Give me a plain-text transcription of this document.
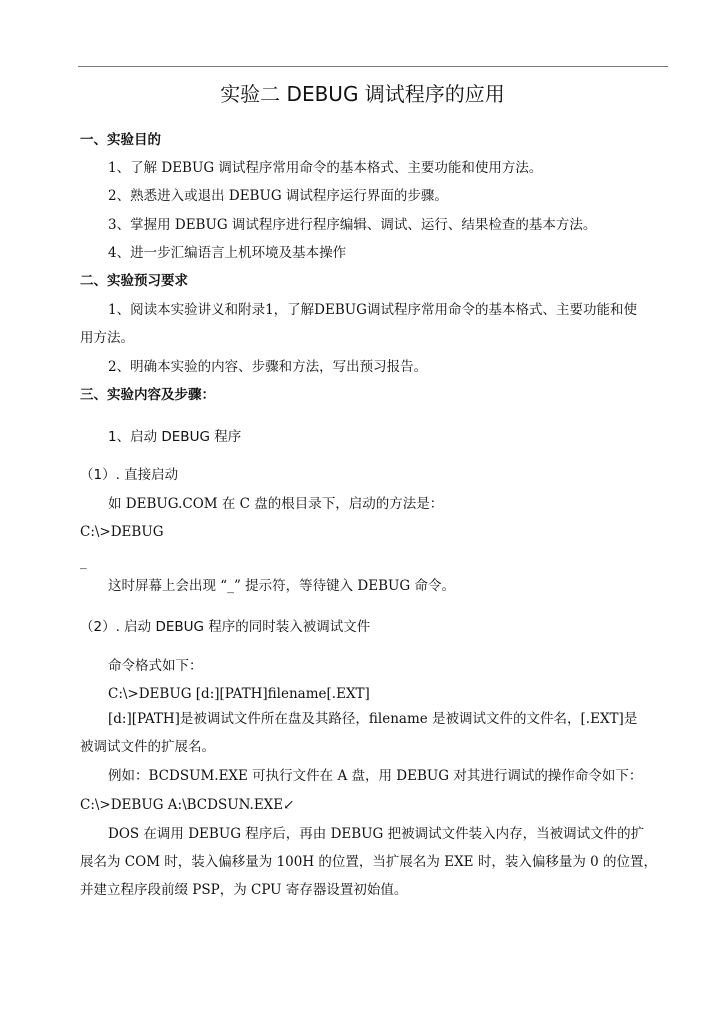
实验二 DEBUG 调试程序的应用
一、实验目的
1、了解 DEBUG 调试程序常用命令的基本格式、主要功能和使用方法。
2、熟悉进入或退出 DEBUG 调试程序运行界面的步骤。
3、掌握用 DEBUG 调试程序进行程序编辑、调试、运行、结果检查的基本方法。
4、进一步汇编语言上机环境及基本操作
二、实验预习要求
1、阅读本实验讲义和附录1，了解DEBUG调试程序常用命令的基本格式、主要功能和使
用方法。
2、明确本实验的内容、步骤和方法，写出预习报告。
三、实验内容及步骤：
1、启动 DEBUG 程序
（1）. 直接启动
如 DEBUG.COM 在 C 盘的根目录下，启动的方法是：
C:\>DEBUG
_
这时屏幕上会出现 “_” 提示符，等待键入 DEBUG 命令。
（2）. 启动 DEBUG 程序的同时装入被调试文件
命令格式如下：
C:\>DEBUG [d:][PATH]filename[.EXT]
[d:][PATH]是被调试文件所在盘及其路径，filename 是被调试文件的文件名，[.EXT]是
被调试文件的扩展名。
例如：BCDSUM.EXE 可执行文件在 A 盘，用 DEBUG 对其进行调试的操作命令如下：
C:\>DEBUG A:\BCDSUN.EXE↙
DOS 在调用 DEBUG 程序后，再由 DEBUG 把被调试文件装入内存，当被调试文件的扩
展名为 COM 时，装入偏移量为 100H 的位置，当扩展名为 EXE 时，装入偏移量为 0 的位置，
并建立程序段前缀 PSP，为 CPU 寄存器设置初始值。
